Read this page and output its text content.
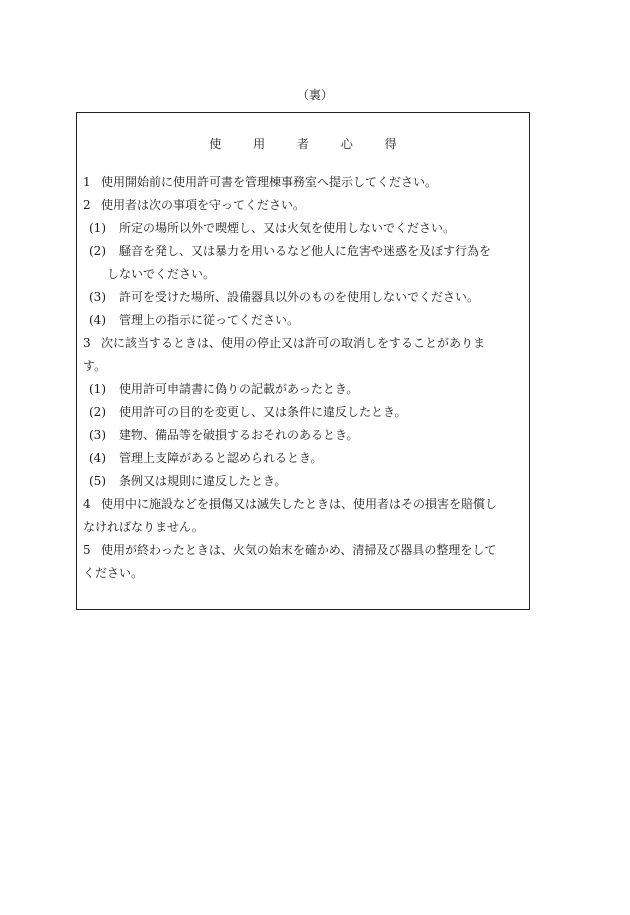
（裏）
使	用	者	心	得
1 使用開始前に使用許可書を管理棟事務室へ提示してください。
2 使用者は次の事項を守ってください。
(1) 所定の場所以外で喫煙し、又は火気を使用しないでください。
(2) 騒音を発し、又は暴力を用いるなど他人に危害や迷惑を及ぼす行為を
しないでください。
(3) 許可を受けた場所、設備器具以外のものを使用しないでください。
(4) 管理上の指示に従ってください。
3 次に該当するときは、使用の停止又は許可の取消しをすることがありま
す。
(1) 使用許可申請書に偽りの記載があったとき。
(2) 使用許可の目的を変更し、又は条件に違反したとき。
(3) 建物、備品等を破損するおそれのあるとき。
(4) 管理上支障があると認められるとき。
(5) 条例又は規則に違反したとき。
4 使用中に施設などを損傷又は滅失したときは、使用者はその損害を賠償し
なければなりません。
5 使用が終わったときは、火気の始末を確かめ、清掃及び器具の整理をして
ください。
